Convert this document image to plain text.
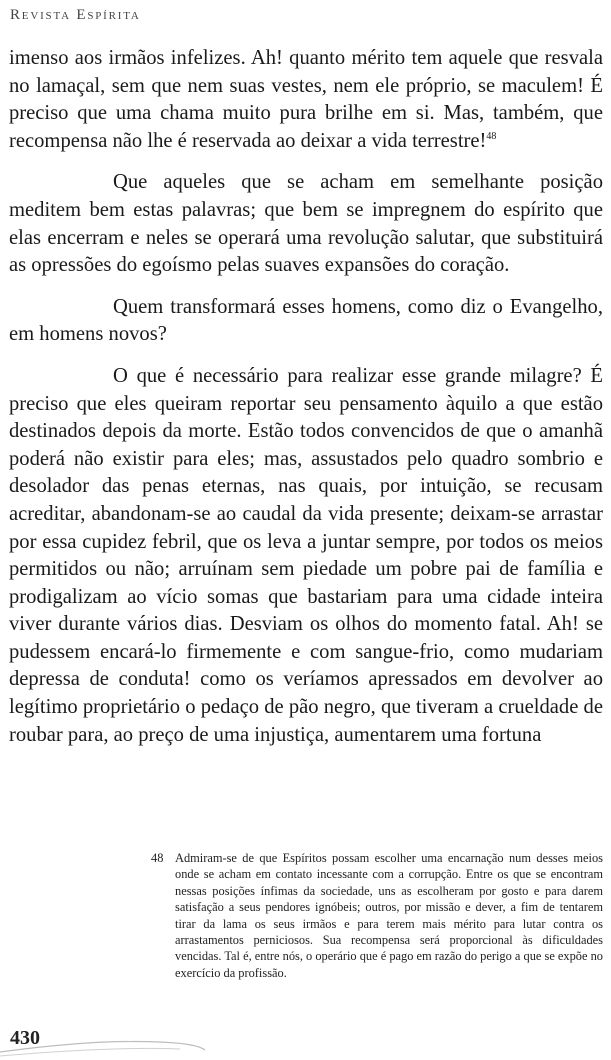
Revista Espírita

imenso aos irmãos infelizes. Ah! quanto mérito tem aquele que resvala no lamaçal, sem que nem suas vestes, nem ele próprio, se maculem! É preciso que uma chama muito pura brilhe em si. Mas, também, que recompensa não lhe é reservada ao deixar a vida terrestre!$^{48}$

Que aqueles que se acham em semelhante posição meditem bem estas palavras; que bem se impregnem do espírito que elas encerram e neles se operará uma revolução salutar, que substituirá as opressões do egoísmo pelas suaves expansões do coração.

Quem transformará esses homens, como diz o Evangelho, em homens novos?

O que é necessário para realizar esse grande milagre? É preciso que eles queiram reportar seu pensamento àquilo a que estão destinados depois da morte. Estão todos convencidos de que o amanhã poderá não existir para eles; mas, assustados pelo quadro sombrio e desolador das penas eternas, nas quais, por intuição, se recusam acreditar, abandonam-se ao caudal da vida presente; deixam-se arrastar por essa cupidez febril, que os leva a juntar sempre, por todos os meios permitidos ou não; arruínam sem piedade um pobre pai de família e prodigalizam ao vício somas que bastariam para uma cidade inteira viver durante vários dias. Desviam os olhos do momento fatal. Ah! se pudessem encará-lo firmemente e com sangue-frio, como mudariam depressa de conduta! como os veríamos apressados em devolver ao legítimo proprietário o pedaço de pão negro, que tiveram a crueldade de roubar para, ao preço de uma injustiça, aumentarem uma fortuna

48 Admiram-se de que Espíritos possam escolher uma encarnação num desses meios onde se acham em contato incessante com a corrupção. Entre os que se encontram nessas posições ínfimas da sociedade, uns as escolheram por gosto e para darem satisfação a seus pendores ignóbeis; outros, por missão e dever, a fim de tentarem tirar da lama os seus irmãos e para terem mais mérito para lutar contra os arrastamentos perniciosos. Sua recompensa será proporcional às dificuldades vencidas. Tal é, entre nós, o operário que é pago em razão do perigo a que se expõe no exercício da profissão.
430
